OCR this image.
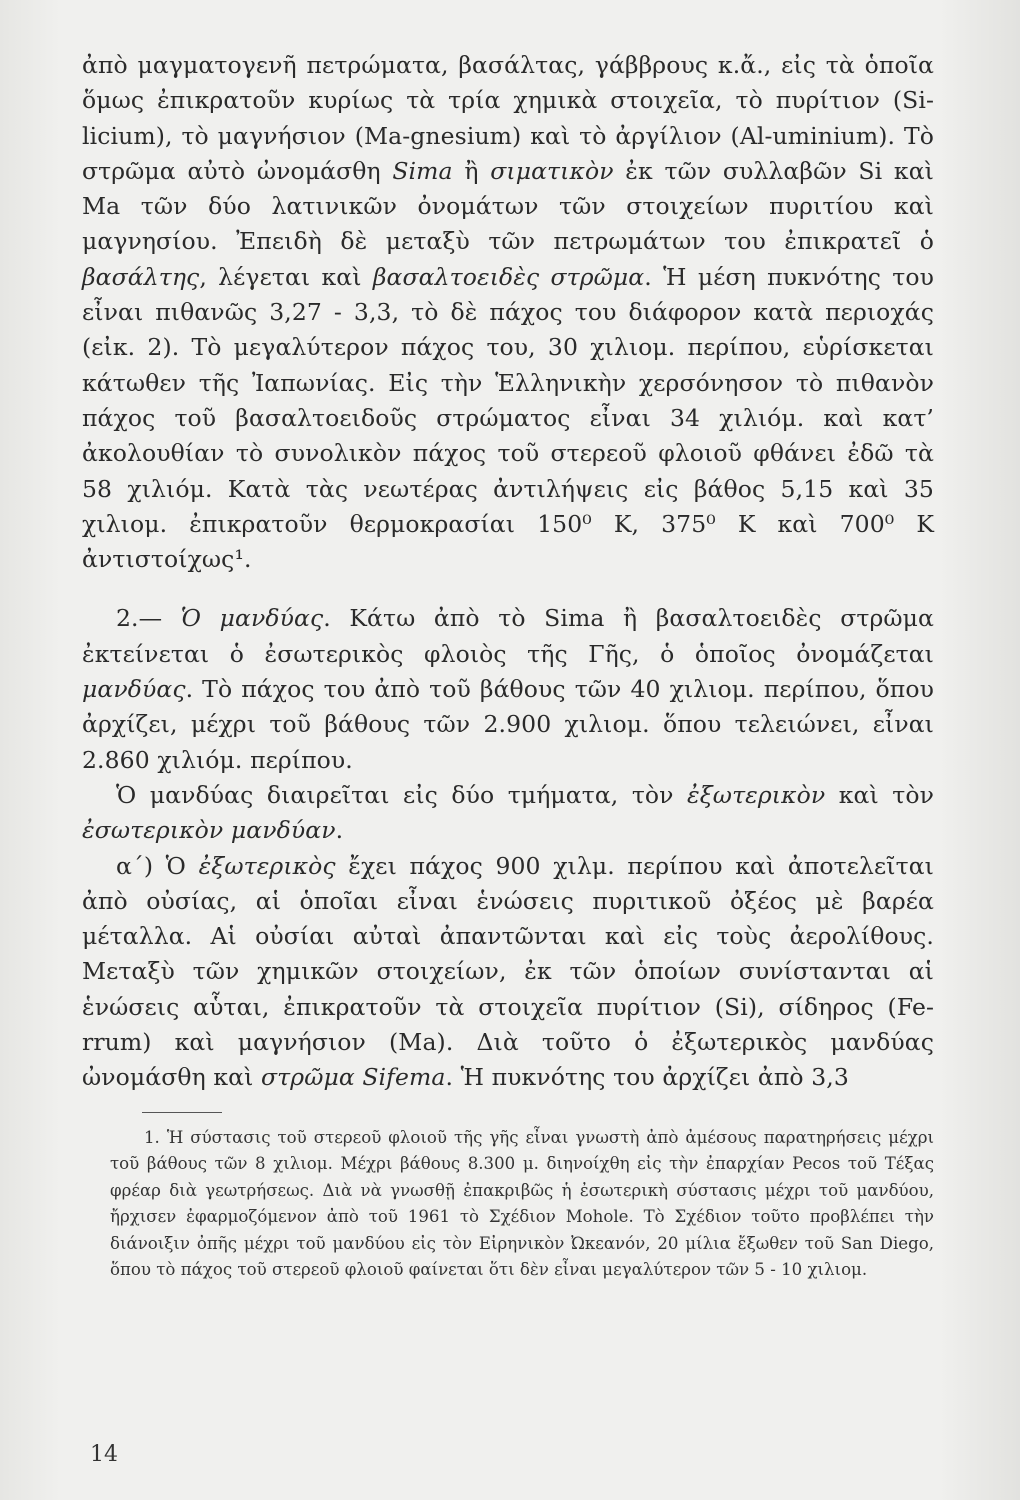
ἀπὸ μαγματογενῆ πετρώματα, βασάλτας, γάββρους κ.ἄ., εἰς τὰ ὁποῖα ὅμως ἐπικρατοῦν κυρίως τὰ τρία χημικὰ στοιχεῖα, τὸ πυρίτιον (Si-licium), τὸ μαγνήσιον (Ma-gnesium) καὶ τὸ ἀργίλιον (Al-uminium). Τὸ στρῶμα αὐτὸ ὠνομάσθη Sima ἢ σιματικὸν ἐκ τῶν συλλαβῶν Si καὶ Ma τῶν δύο λατινικῶν ὀνομάτων τῶν στοιχείων πυριτίου καὶ μαγνησίου. Ἐπειδὴ δὲ μεταξὺ τῶν πετρωμάτων του ἐπικρατεῖ ὁ βασάλτης, λέγεται καὶ βασαλτοειδὲς στρῶμα. Ἡ μέση πυκνότης του εἶναι πιθανῶς 3,27 - 3,3, τὸ δὲ πάχος του διάφορον κατὰ περιοχάς (εἰκ. 2). Τὸ μεγαλύτερον πάχος του, 30 χιλιομ. περίπου, εὑρίσκεται κάτωθεν τῆς Ἰαπωνίας. Εἰς τὴν Ἑλληνικὴν χερσόνησον τὸ πιθανὸν πάχος τοῦ βασαλτοειδοῦς στρώματος εἶναι 34 χιλιόμ. καὶ κατ’ ἀκολουθίαν τὸ συνολικὸν πάχος τοῦ στερεοῦ φλοιοῦ φθάνει ἐδῶ τὰ 58 χιλιόμ. Κατὰ τὰς νεωτέρας ἀντιλήψεις εἰς βάθος 5,15 καὶ 35 χιλιομ. ἐπικρατοῦν θερμοκρασίαι 150⁰ Κ, 375⁰ Κ καὶ 700⁰ Κ ἀντιστοίχως¹.

2.— Ὁ μανδύας. Κάτω ἀπὸ τὸ Sima ἢ βασαλτοειδὲς στρῶμα ἐκτείνεται ὁ ἐσωτερικὸς φλοιὸς τῆς Γῆς, ὁ ὁποῖος ὀνομάζεται μανδύας. Τὸ πάχος του ἀπὸ τοῦ βάθους τῶν 40 χιλιομ. περίπου, ὅπου ἀρχίζει, μέχρι τοῦ βάθους τῶν 2.900 χιλιομ. ὅπου τελειώνει, εἶναι 2.860 χιλιόμ. περίπου.

Ὁ μανδύας διαιρεῖται εἰς δύο τμήματα, τὸν ἐξωτερικὸν καὶ τὸν ἐσωτερικὸν μανδύαν.

α´) Ὁ ἐξωτερικὸς ἔχει πάχος 900 χιλμ. περίπου καὶ ἀποτελεῖται ἀπὸ οὐσίας, αἱ ὁποῖαι εἶναι ἑνώσεις πυριτικοῦ ὀξέος μὲ βαρέα μέταλλα. Αἱ οὐσίαι αὐταὶ ἀπαντῶνται καὶ εἰς τοὺς ἀερολίθους. Μεταξὺ τῶν χημικῶν στοιχείων, ἐκ τῶν ὁποίων συνίστανται αἱ ἑνώσεις αὗται, ἐπικρατοῦν τὰ στοιχεῖα πυρίτιον (Si), σίδηρος (Fe-rrum) καὶ μαγνήσιον (Ma). Διὰ τοῦτο ὁ ἐξωτερικὸς μανδύας ὠνομάσθη καὶ στρῶμα Sifema. Ἡ πυκνότης του ἀρχίζει ἀπὸ 3,3

1. Ἡ σύστασις τοῦ στερεοῦ φλοιοῦ τῆς γῆς εἶναι γνωστὴ ἀπὸ ἀμέσους παρατηρήσεις μέχρι τοῦ βάθους τῶν 8 χιλιομ. Μέχρι βάθους 8.300 μ. διηνοίχθη εἰς τὴν ἐπαρχίαν Pecos τοῦ Τέξας φρέαρ διὰ γεωτρήσεως. Διὰ νὰ γνωσθῇ ἐπακριβῶς ἡ ἐσωτερικὴ σύστασις μέχρι τοῦ μανδύου, ἤρχισεν ἐφαρμοζόμενον ἀπὸ τοῦ 1961 τὸ Σχέδιον Mohole. Τὸ Σχέδιον τοῦτο προβλέπει τὴν διάνοιξιν ὀπῆς μέχρι τοῦ μανδύου εἰς τὸν Εἰρηνικὸν Ὠκεανόν, 20 μίλια ἔξωθεν τοῦ San Diego, ὅπου τὸ πάχος τοῦ στερεοῦ φλοιοῦ φαίνεται ὅτι δὲν εἶναι μεγαλύτερον τῶν 5 - 10 χιλιομ.

14
